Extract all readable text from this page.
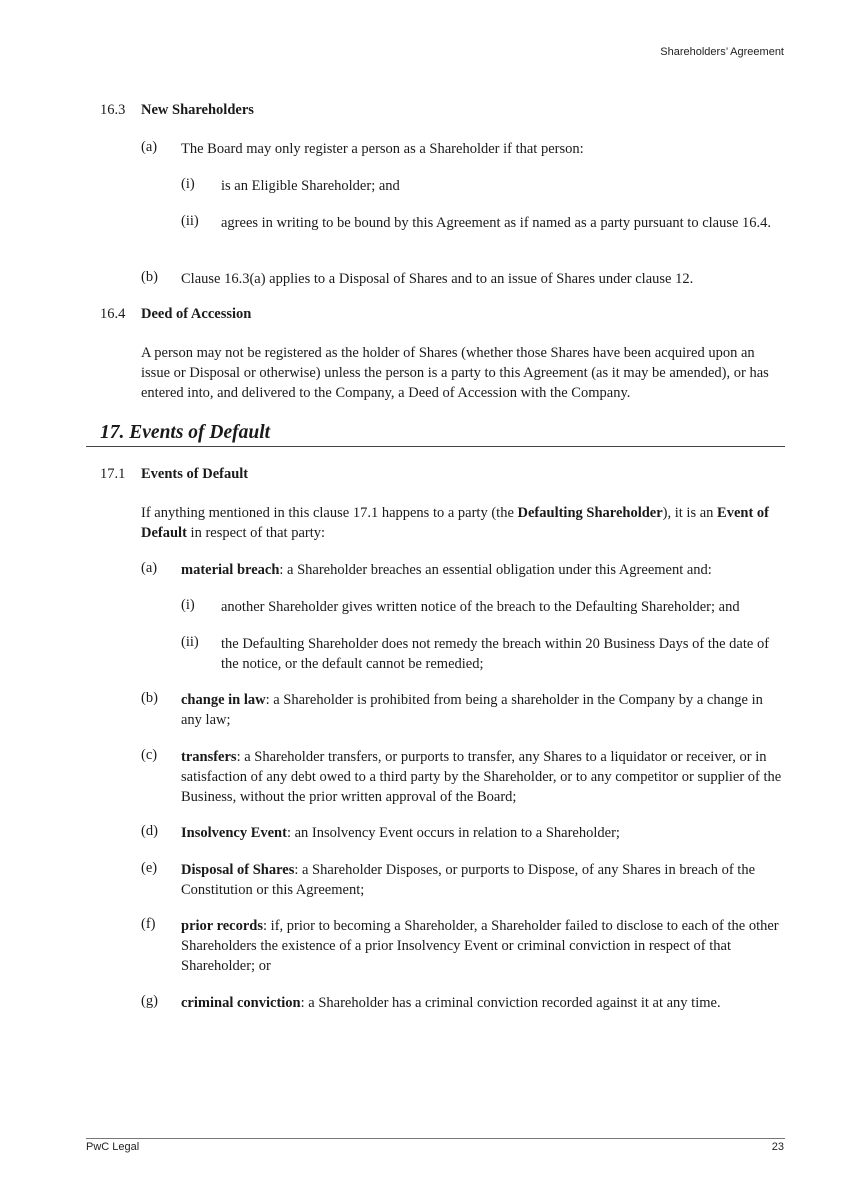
Shareholders’ Agreement
16.3 New Shareholders
(a) The Board may only register a person as a Shareholder if that person:
(i) is an Eligible Shareholder; and
(ii) agrees in writing to be bound by this Agreement as if named as a party pursuant to clause 16.4.
(b) Clause 16.3(a) applies to a Disposal of Shares and to an issue of Shares under clause 12.
16.4 Deed of Accession
A person may not be registered as the holder of Shares (whether those Shares have been acquired upon an issue or Disposal or otherwise) unless the person is a party to this Agreement (as it may be amended), or has entered into, and delivered to the Company, a Deed of Accession with the Company.
17. Events of Default
17.1 Events of Default
If anything mentioned in this clause 17.1 happens to a party (the Defaulting Shareholder), it is an Event of Default in respect of that party:
(a) material breach: a Shareholder breaches an essential obligation under this Agreement and:
(i) another Shareholder gives written notice of the breach to the Defaulting Shareholder; and
(ii) the Defaulting Shareholder does not remedy the breach within 20 Business Days of the date of the notice, or the default cannot be remedied;
(b) change in law: a Shareholder is prohibited from being a shareholder in the Company by a change in any law;
(c) transfers: a Shareholder transfers, or purports to transfer, any Shares to a liquidator or receiver, or in satisfaction of any debt owed to a third party by the Shareholder, or to any competitor or supplier of the Business, without the prior written approval of the Board;
(d) Insolvency Event: an Insolvency Event occurs in relation to a Shareholder;
(e) Disposal of Shares: a Shareholder Disposes, or purports to Dispose, of any Shares in breach of the Constitution or this Agreement;
(f) prior records: if, prior to becoming a Shareholder, a Shareholder failed to disclose to each of the other Shareholders the existence of a prior Insolvency Event or criminal conviction in respect of that Shareholder; or
(g) criminal conviction: a Shareholder has a criminal conviction recorded against it at any time.
PwC Legal	23
